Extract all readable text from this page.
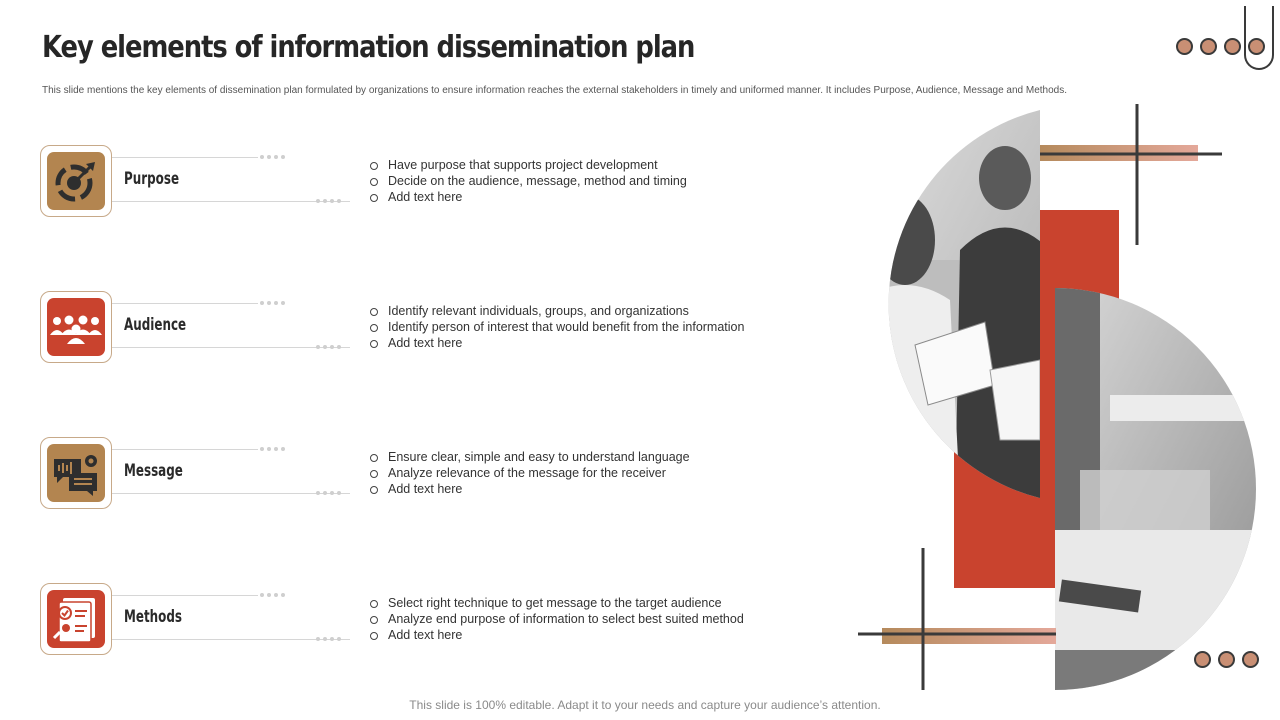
Key elements of information dissemination plan
This slide mentions the key elements of dissemination plan formulated by organizations to ensure information reaches the external stakeholders in timely and uniformed manner. It includes Purpose, Audience, Message and Methods.
Purpose
Have purpose that supports project development
Decide on the audience, message, method and timing
Add text here
Audience
Identify relevant individuals, groups, and organizations
Identify person of interest that would benefit from the information
Add text here
Message
Ensure clear, simple and easy to understand language
Analyze relevance of the message for the receiver
Add text here
Methods
Select right technique to get message to the target audience
Analyze end purpose of information to select best suited method
Add text here
This slide is 100% editable. Adapt it to your needs and capture your audience’s attention.
